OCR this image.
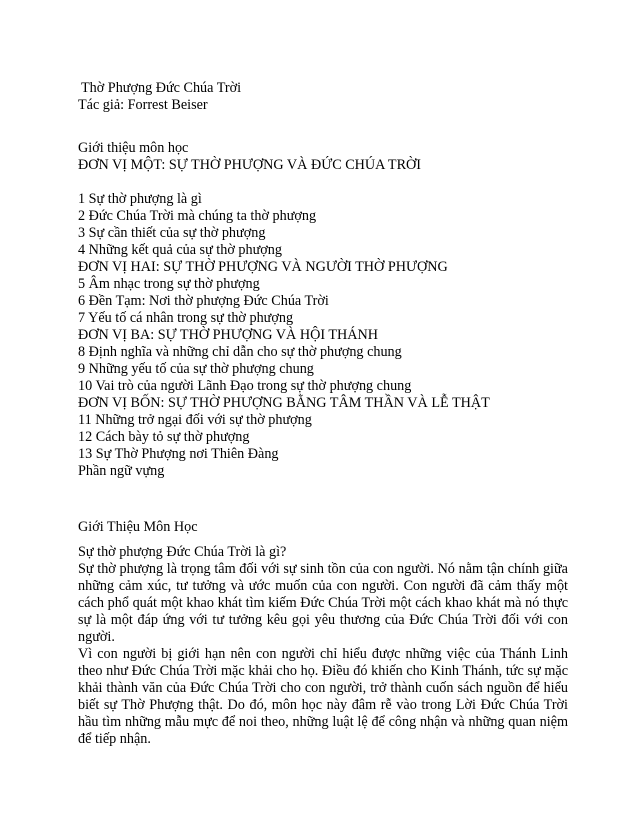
Thờ Phượng Đức Chúa Trời
Tác giả: Forrest Beiser
Giới thiệu môn học
ĐƠN VỊ MỘT: SỰ THỜ PHƯỢNG VÀ ĐỨC CHÚA TRỜI

1 Sự thờ phượng là gì
2 Đức Chúa Trời mà chúng ta thờ phượng
3 Sự cần thiết của sự thờ phượng
4 Những kết quả của sự thờ phượng
ĐƠN VỊ HAI: SỰ THỜ PHƯỢNG VÀ NGƯỜI THỜ PHƯỢNG
5 Âm nhạc trong sự thờ phượng
6 Đền Tạm: Nơi thờ phượng Đức Chúa Trời
7 Yếu tố cá nhân trong sự thờ phượng
ĐƠN VỊ BA: SỰ THỜ PHƯỢNG VÀ HỘI THÁNH
8 Định nghĩa và những chỉ dẫn cho sự thờ phượng chung
9 Những yếu tố của sự thờ phượng chung
10 Vai trò của người Lãnh Đạo trong sự thờ phượng chung
ĐƠN VỊ BỐN: SỰ THỜ PHƯỢNG BẰNG TÂM THẦN VÀ LỄ THẬT
11 Những trở ngại đối với sự thờ phượng
12 Cách bày tỏ sự thờ phượng
13 Sự Thờ Phượng nơi Thiên Đàng
Phần ngữ vựng
Giới Thiệu Môn Học
Sự thờ phượng Đức Chúa Trời là gì?

Sự thờ phượng là trọng tâm đối với sự sinh tồn của con người. Nó nằm tận chính giữa những cảm xúc, tư tưởng và ước muốn của con người. Con người đã cảm thấy một cách phổ quát một khao khát tìm kiếm Đức Chúa Trời một cách khao khát mà nó thực sự là một đáp ứng với tư tưởng kêu gọi yêu thương của Đức Chúa Trời đối với con người.

Vì con người bị giới hạn nên con người chỉ hiểu được những việc của Thánh Linh theo như Đức Chúa Trời mặc khải cho họ. Điều đó khiến cho Kinh Thánh, tức sự mặc khải thành văn của Đức Chúa Trời cho con người, trở thành cuốn sách nguồn để hiểu biết sự Thờ Phượng thật. Do đó, môn học này đâm rễ vào trong Lời Đức Chúa Trời hầu tìm những mẫu mực để noi theo, những luật lệ để công nhận và những quan niệm để tiếp nhận.
